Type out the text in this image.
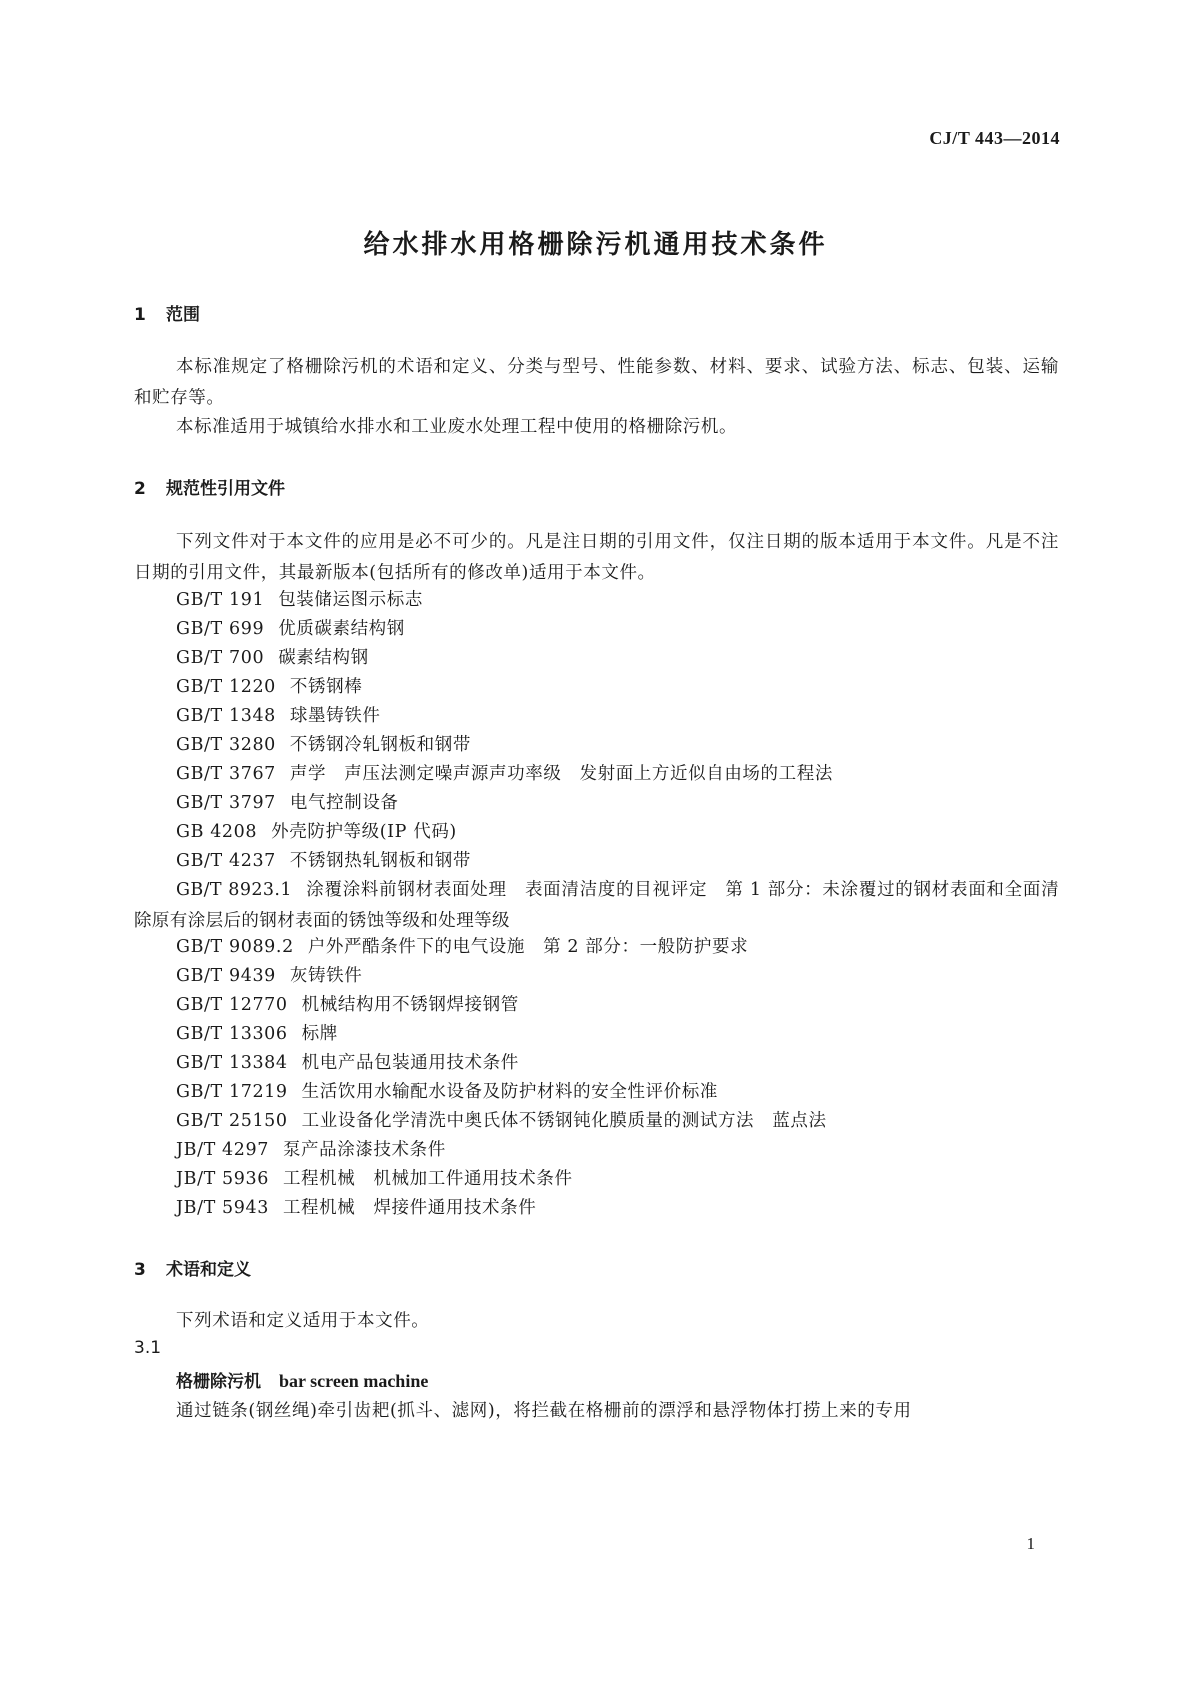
CJ/T 443—2014
给水排水用格栅除污机通用技术条件
1 范围
本标准规定了格栅除污机的术语和定义、分类与型号、性能参数、材料、要求、试验方法、标志、包装、运输和贮存等。
本标准适用于城镇给水排水和工业废水处理工程中使用的格栅除污机。
2 规范性引用文件
下列文件对于本文件的应用是必不可少的。凡是注日期的引用文件，仅注日期的版本适用于本文件。凡是不注日期的引用文件，其最新版本(包括所有的修改单)适用于本文件。
GB/T 191 包装储运图示标志
GB/T 699 优质碳素结构钢
GB/T 700 碳素结构钢
GB/T 1220 不锈钢棒
GB/T 1348 球墨铸铁件
GB/T 3280 不锈钢冷轧钢板和钢带
GB/T 3767 声学　声压法测定噪声源声功率级　发射面上方近似自由场的工程法
GB/T 3797 电气控制设备
GB 4208 外壳防护等级(IP 代码)
GB/T 4237 不锈钢热轧钢板和钢带
GB/T 8923.1 涂覆涂料前钢材表面处理　表面清洁度的目视评定　第 1 部分：未涂覆过的钢材表面和全面清除原有涂层后的钢材表面的锈蚀等级和处理等级
GB/T 9089.2 户外严酷条件下的电气设施　第 2 部分：一般防护要求
GB/T 9439 灰铸铁件
GB/T 12770 机械结构用不锈钢焊接钢管
GB/T 13306 标牌
GB/T 13384 机电产品包装通用技术条件
GB/T 17219 生活饮用水输配水设备及防护材料的安全性评价标准
GB/T 25150 工业设备化学清洗中奥氏体不锈钢钝化膜质量的测试方法　蓝点法
JB/T 4297 泵产品涂漆技术条件
JB/T 5936 工程机械　机械加工件通用技术条件
JB/T 5943 工程机械　焊接件通用技术条件
3 术语和定义
下列术语和定义适用于本文件。
3.1
格栅除污机 bar screen machine
通过链条(钢丝绳)牵引齿耙(抓斗、滤网)，将拦截在格栅前的漂浮和悬浮物体打捞上来的专用
1
